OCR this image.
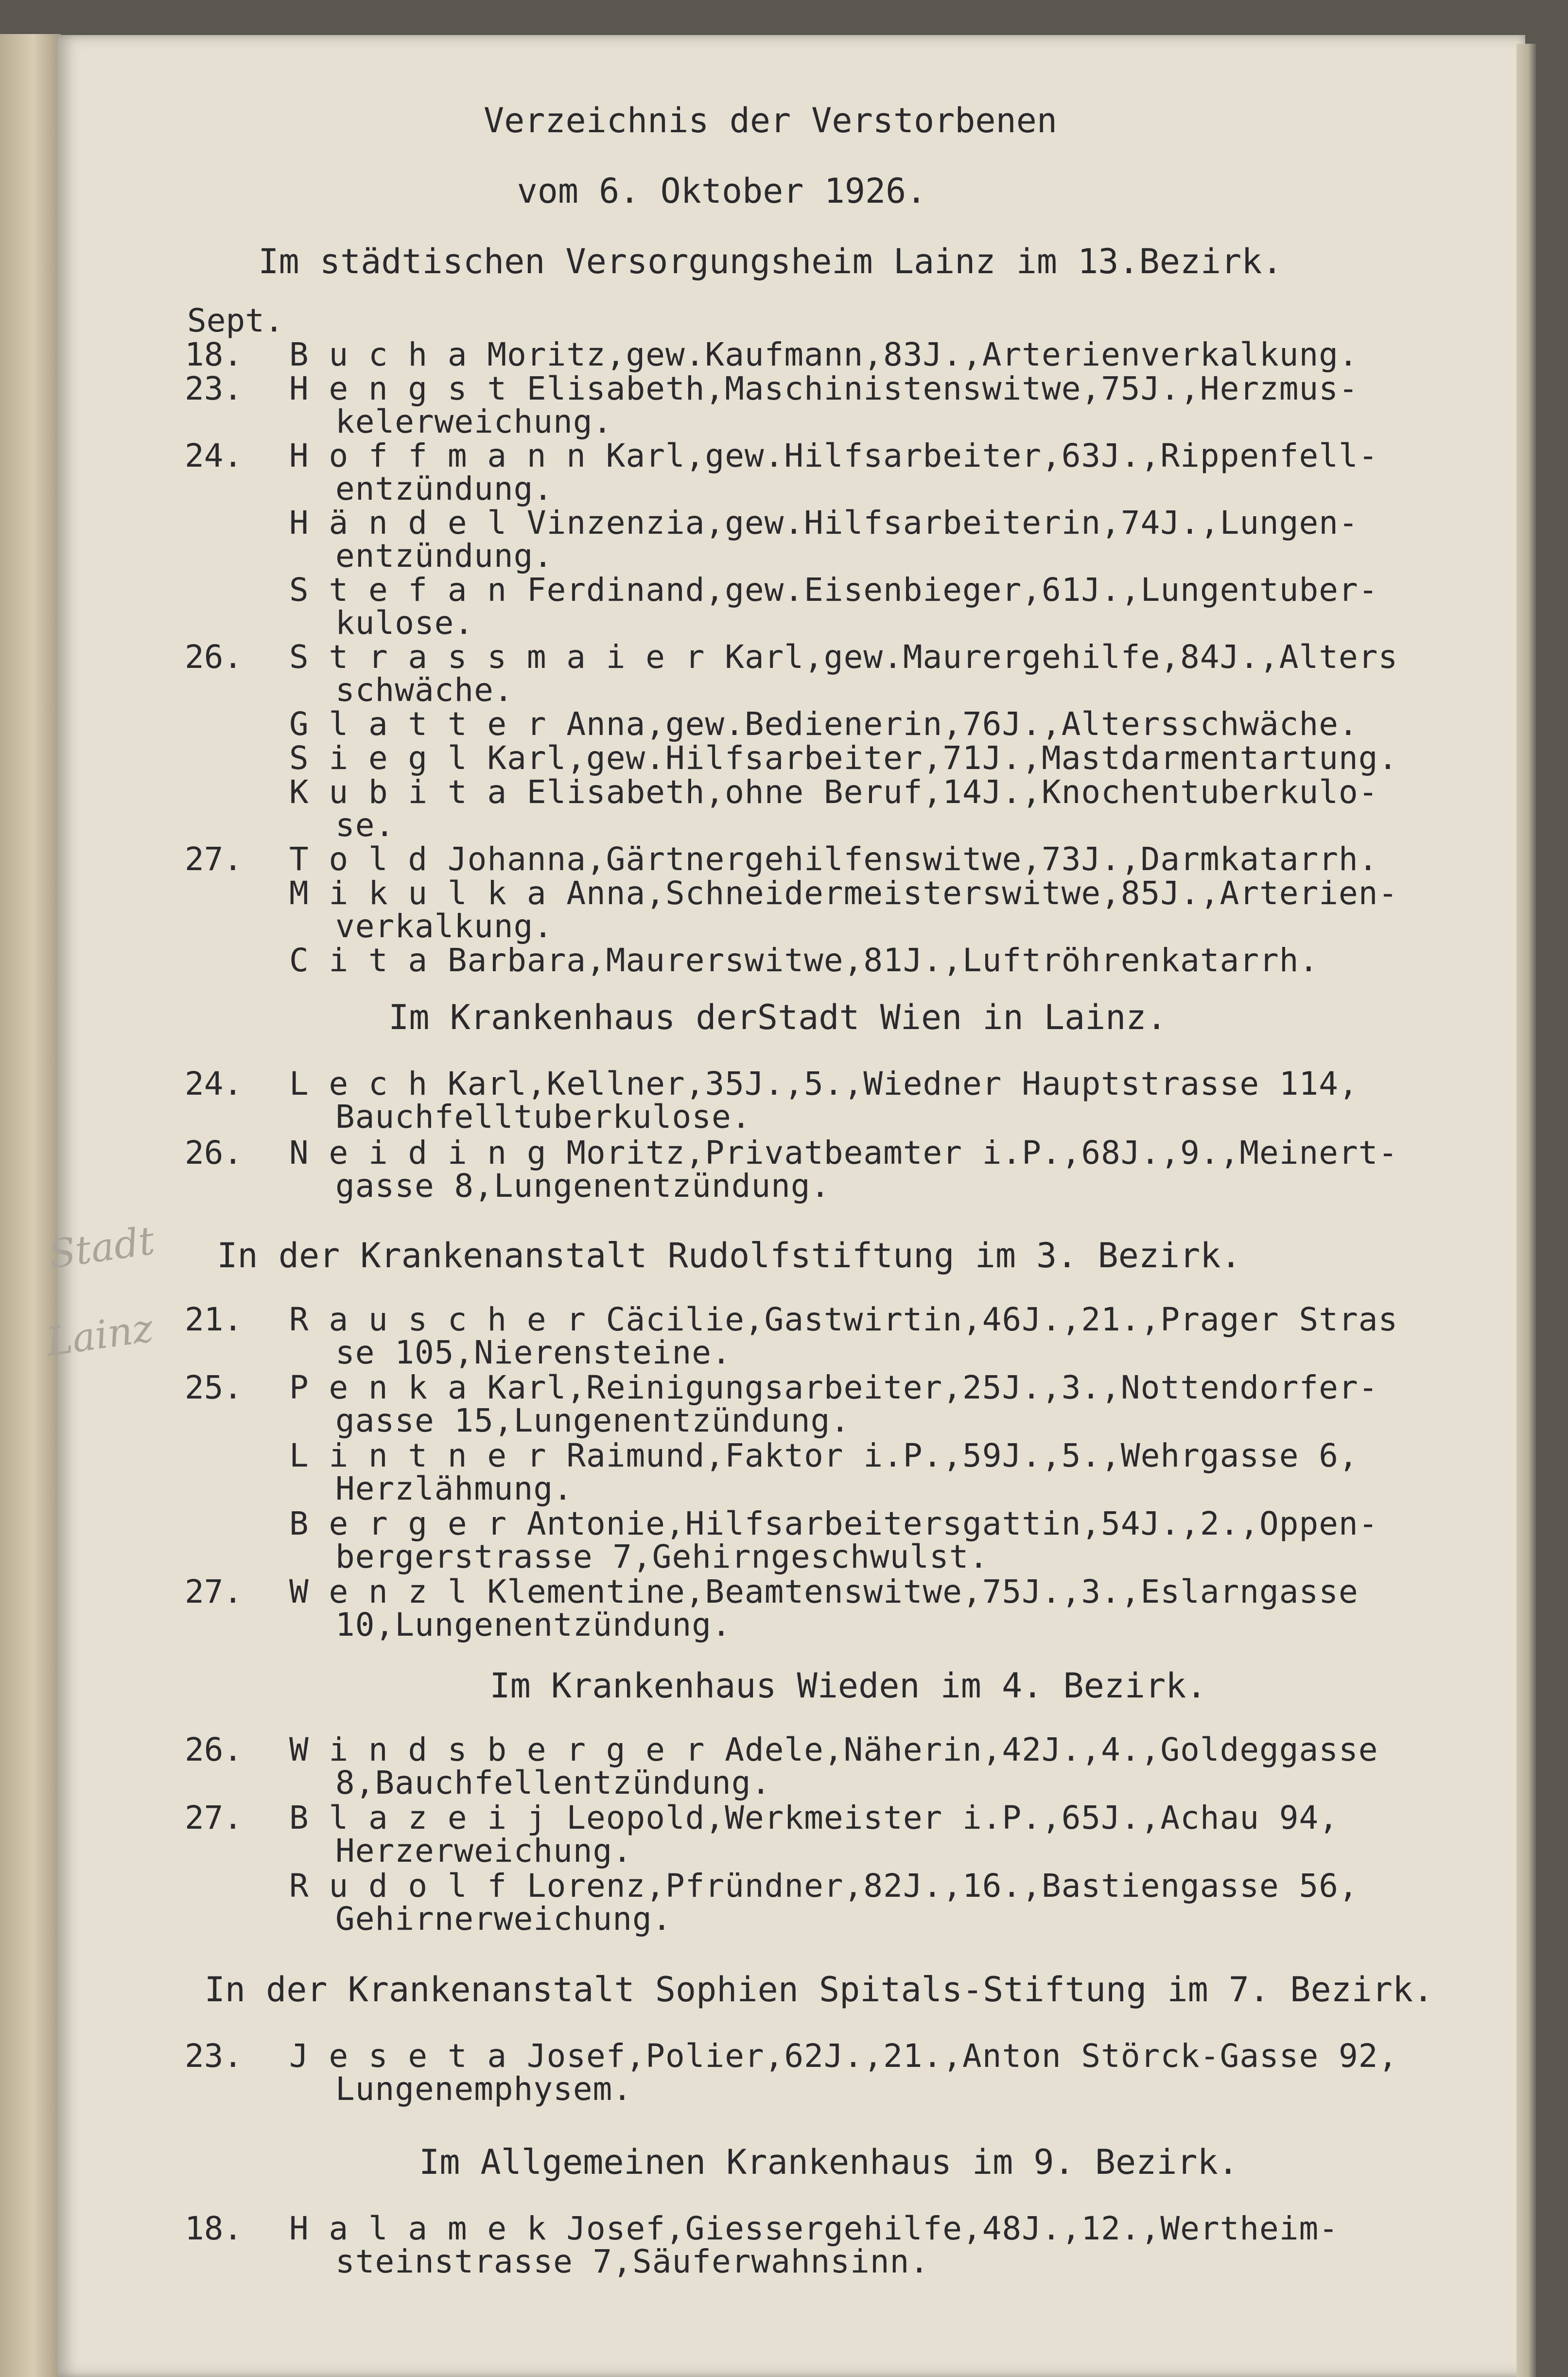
Stadt
Lainz
Verzeichnis der Verstorbenen
vom 6. Oktober 1926.
Im städtischen Versorgungsheim Lainz im 13.Bezirk.
Sept.
18. B u c h a Moritz,gew.Kaufmann,83J.,Arterienverkalkung.
23. H e n g s t Elisabeth,Maschinistenswitwe,75J.,Herzmus-
kelerweichung.
24. H o f f m a n n Karl,gew.Hilfsarbeiter,63J.,Rippenfell-
entzündung.
H ä n d e l Vinzenzia,gew.Hilfsarbeiterin,74J.,Lungen-
entzündung.
S t e f a n Ferdinand,gew.Eisenbieger,61J.,Lungentuber-
kulose.
26. S t r a s s m a i e r Karl,gew.Maurergehilfe,84J.,Alters
schwäche.
G l a t t e r Anna,gew.Bedienerin,76J.,Altersschwäche.
S i e g l Karl,gew.Hilfsarbeiter,71J.,Mastdarmentartung.
K u b i t a Elisabeth,ohne Beruf,14J.,Knochentuberkulo-
se.
27. T o l d Johanna,Gärtnergehilfenswitwe,73J.,Darmkatarrh.
M i k u l k a Anna,Schneidermeisterswitwe,85J.,Arterien-
verkalkung.
C i t a Barbara,Maurerswitwe,81J.,Luftröhrenkatarrh.
Im Krankenhaus derStadt Wien in Lainz.
24. L e c h Karl,Kellner,35J.,5.,Wiedner Hauptstrasse 114,
Bauchfelltuberkulose.
26. N e i d i n g Moritz,Privatbeamter i.P.,68J.,9.,Meinert-
gasse 8,Lungenentzündung.
In der Krankenanstalt Rudolfstiftung im 3. Bezirk.
21. R a u s c h e r Cäcilie,Gastwirtin,46J.,21.,Prager Stras
se 105,Nierensteine.
25. P e n k a Karl,Reinigungsarbeiter,25J.,3.,Nottendorfer-
gasse 15,Lungenentzündung.
L i n t n e r Raimund,Faktor i.P.,59J.,5.,Wehrgasse 6,
Herzlähmung.
B e r g e r Antonie,Hilfsarbeitersgattin,54J.,2.,Oppen-
bergerstrasse 7,Gehirngeschwulst.
27. W e n z l Klementine,Beamtenswitwe,75J.,3.,Eslarngasse
10,Lungenentzündung.
Im Krankenhaus Wieden im 4. Bezirk.
26. W i n d s b e r g e r Adele,Näherin,42J.,4.,Goldeggasse
8,Bauchfellentzündung.
27. B l a z e i j Leopold,Werkmeister i.P.,65J.,Achau 94,
Herzerweichung.
R u d o l f Lorenz,Pfründner,82J.,16.,Bastiengasse 56,
Gehirnerweichung.
In der Krankenanstalt Sophien Spitals-Stiftung im 7. Bezirk.
23. J e s e t a Josef,Polier,62J.,21.,Anton Störck-Gasse 92,
Lungenemphysem.
Im Allgemeinen Krankenhaus im 9. Bezirk.
18. H a l a m e k Josef,Giessergehilfe,48J.,12.,Wertheim-
steinstrasse 7,Säuferwahnsinn.
